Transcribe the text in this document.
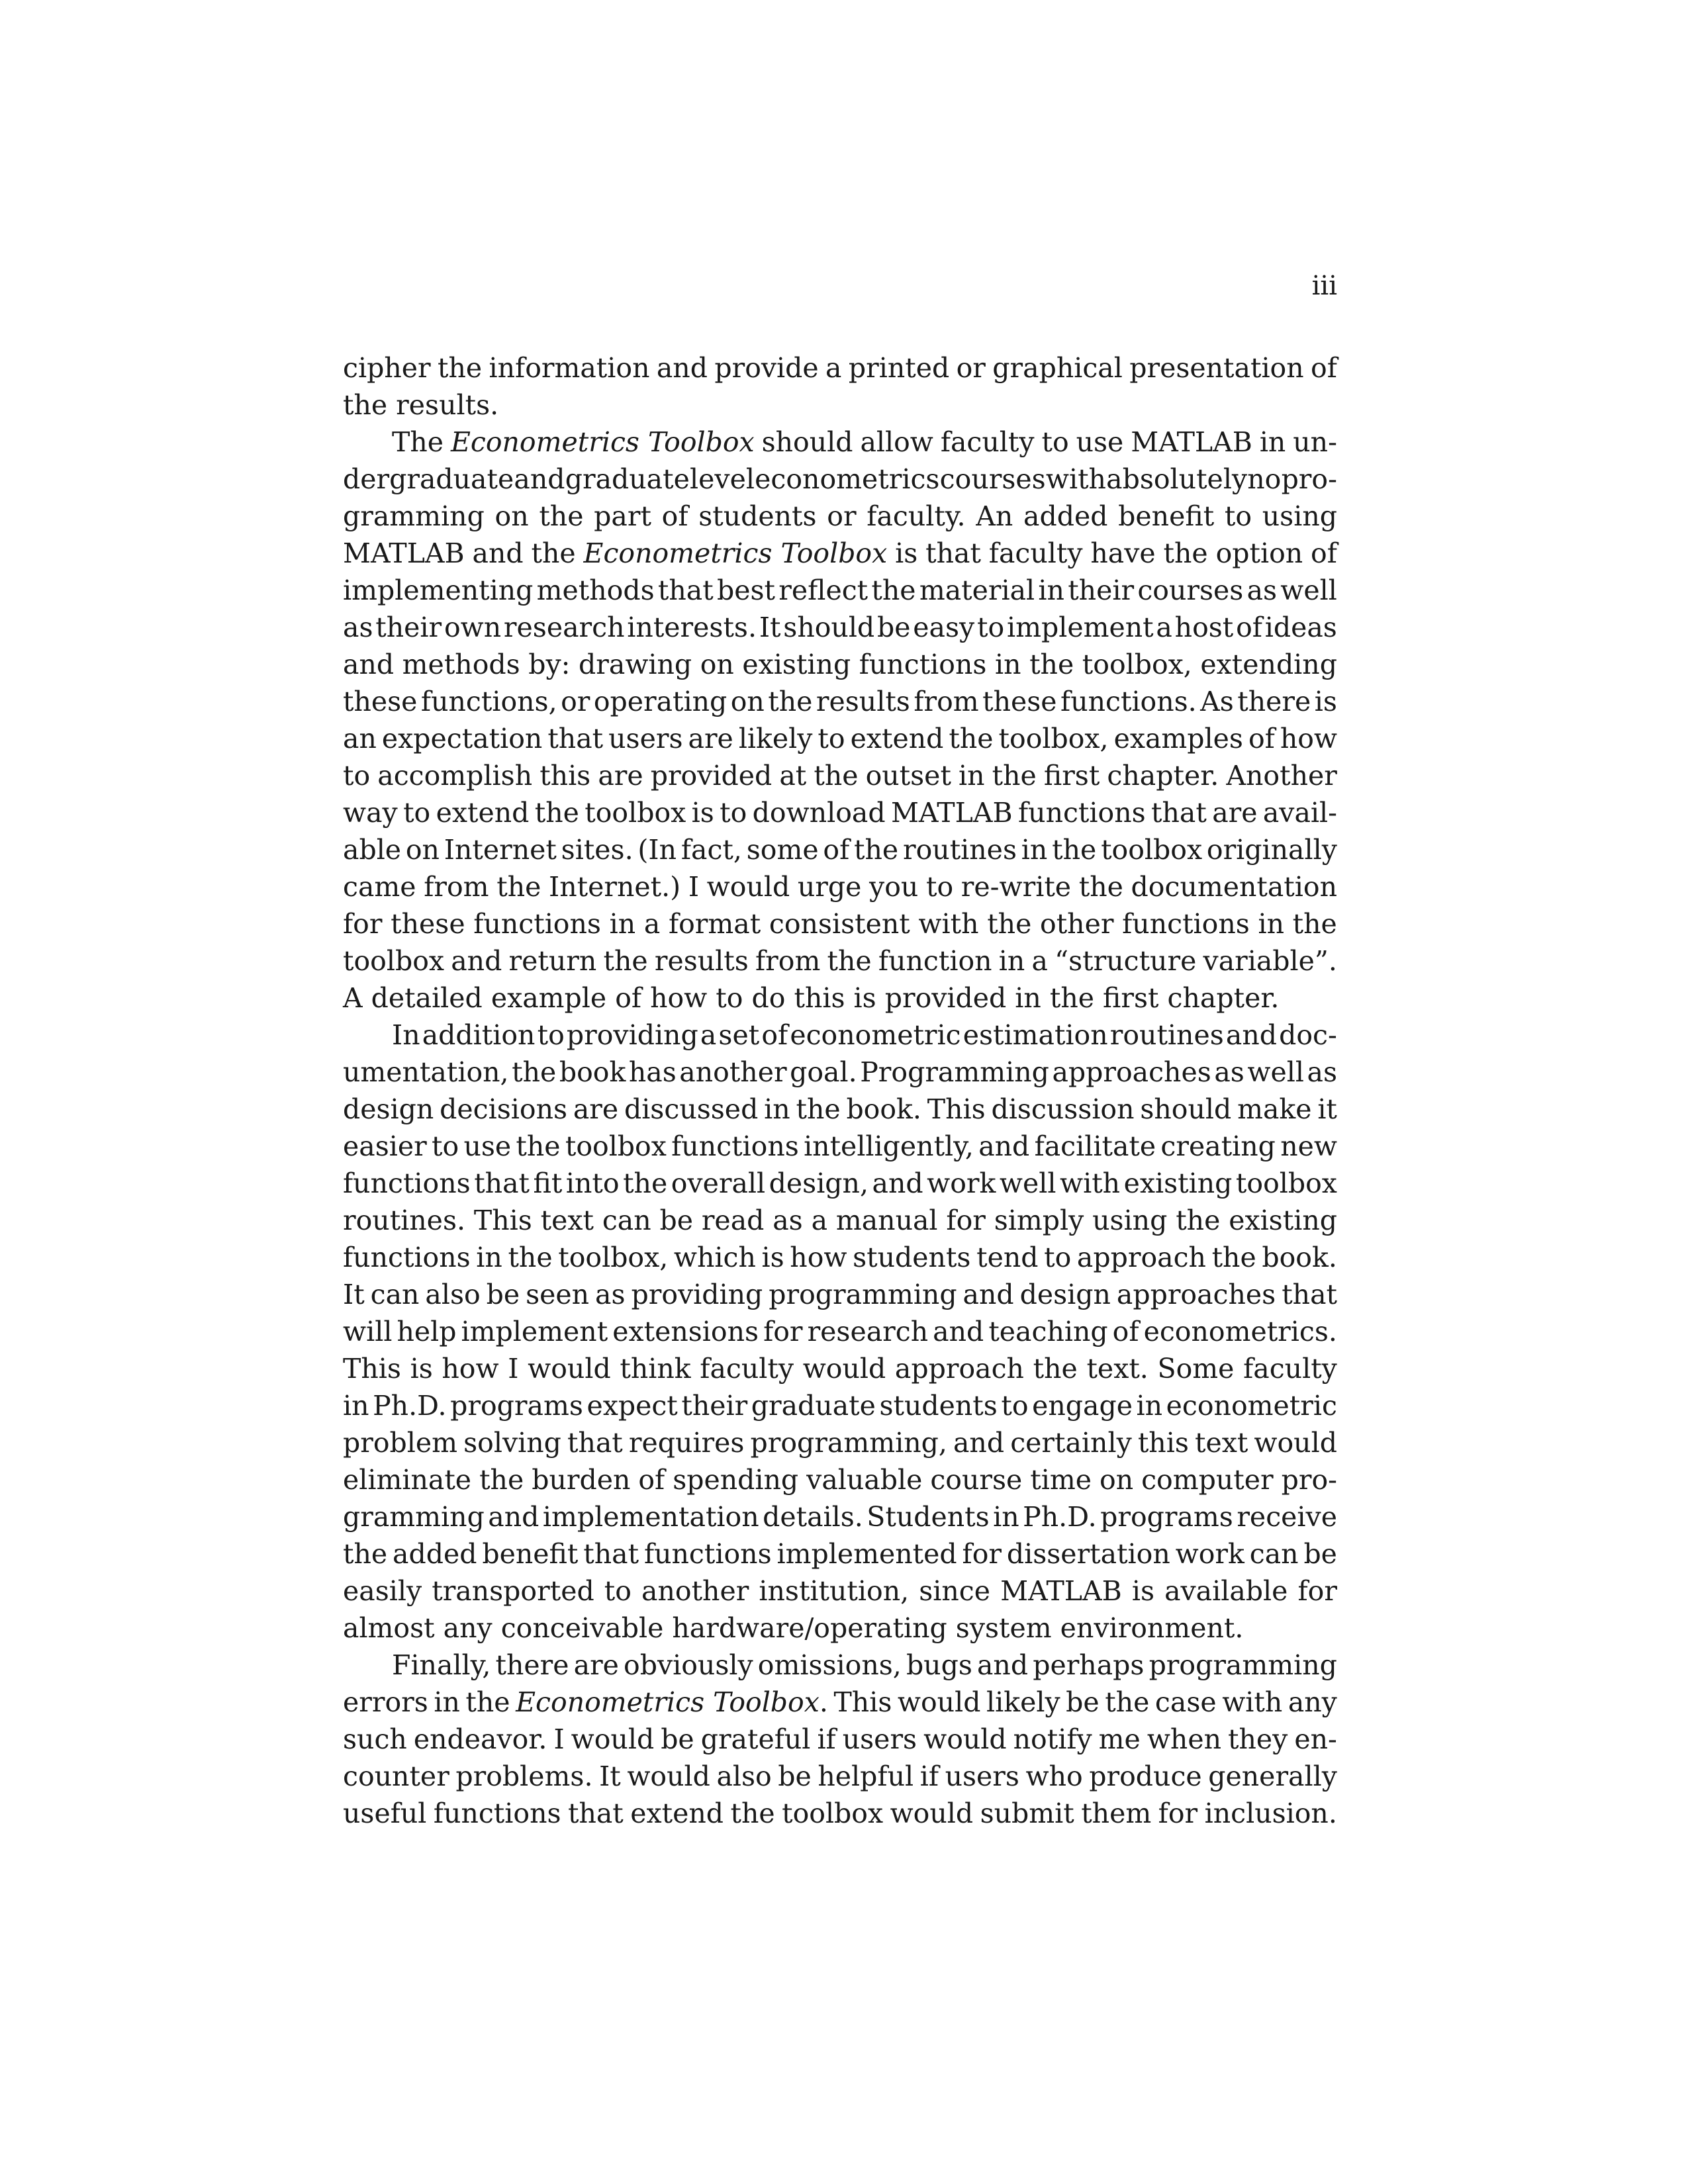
iii
cipher the information and provide a printed or graphical presentation of
the results.
The Econometrics Toolbox should allow faculty to use MATLAB in un-
dergraduate and graduate level econometrics courses with absolutely no pro-
gramming on the part of students or faculty. An added benefit to using
MATLAB and the Econometrics Toolbox is that faculty have the option of
implementing methods that best reflect the material in their courses as well
as their own research interests. It should be easy to implement a host of ideas
and methods by: drawing on existing functions in the toolbox, extending
these functions, or operating on the results from these functions. As there is
an expectation that users are likely to extend the toolbox, examples of how
to accomplish this are provided at the outset in the first chapter. Another
way to extend the toolbox is to download MATLAB functions that are avail-
able on Internet sites. (In fact, some of the routines in the toolbox originally
came from the Internet.) I would urge you to re-write the documentation
for these functions in a format consistent with the other functions in the
toolbox and return the results from the function in a “structure variable”.
A detailed example of how to do this is provided in the first chapter.
In addition to providing a set of econometric estimation routines and doc-
umentation, the book has another goal. Programming approaches as well as
design decisions are discussed in the book. This discussion should make it
easier to use the toolbox functions intelligently, and facilitate creating new
functions that fit into the overall design, and work well with existing toolbox
routines. This text can be read as a manual for simply using the existing
functions in the toolbox, which is how students tend to approach the book.
It can also be seen as providing programming and design approaches that
will help implement extensions for research and teaching of econometrics.
This is how I would think faculty would approach the text. Some faculty
in Ph.D. programs expect their graduate students to engage in econometric
problem solving that requires programming, and certainly this text would
eliminate the burden of spending valuable course time on computer pro-
gramming and implementation details. Students in Ph.D. programs receive
the added benefit that functions implemented for dissertation work can be
easily transported to another institution, since MATLAB is available for
almost any conceivable hardware/operating system environment.
Finally, there are obviously omissions, bugs and perhaps programming
errors in the Econometrics Toolbox. This would likely be the case with any
such endeavor. I would be grateful if users would notify me when they en-
counter problems. It would also be helpful if users who produce generally
useful functions that extend the toolbox would submit them for inclusion.
